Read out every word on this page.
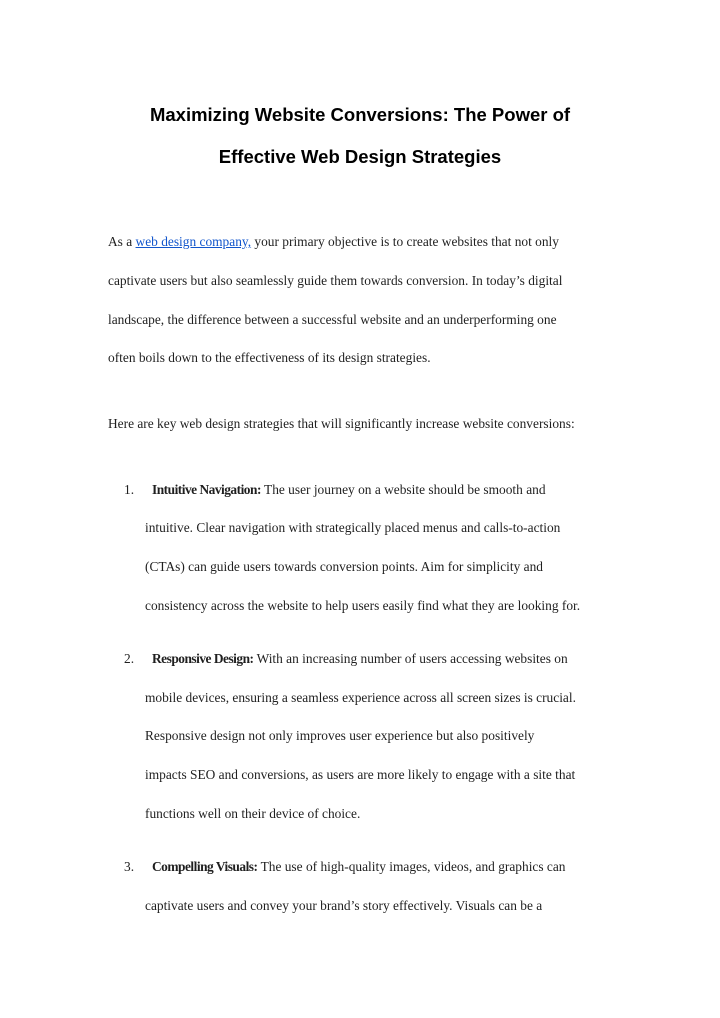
Maximizing Website Conversions: The Power of
Effective Web Design Strategies

As a web design company, your primary objective is to create websites that not only

captivate users but also seamlessly guide them towards conversion. In today’s digital

landscape, the difference between a successful website and an underperforming one

often boils down to the effectiveness of its design strategies.

Here are key web design strategies that will significantly increase website conversions:

1. Intuitive Navigation: The user journey on a website should be smooth and

intuitive. Clear navigation with strategically placed menus and calls-to-action

(CTAs) can guide users towards conversion points. Aim for simplicity and

consistency across the website to help users easily find what they are looking for.

2. Responsive Design: With an increasing number of users accessing websites on

mobile devices, ensuring a seamless experience across all screen sizes is crucial.

Responsive design not only improves user experience but also positively

impacts SEO and conversions, as users are more likely to engage with a site that

functions well on their device of choice.

3. Compelling Visuals: The use of high-quality images, videos, and graphics can

captivate users and convey your brand’s story effectively. Visuals can be a
